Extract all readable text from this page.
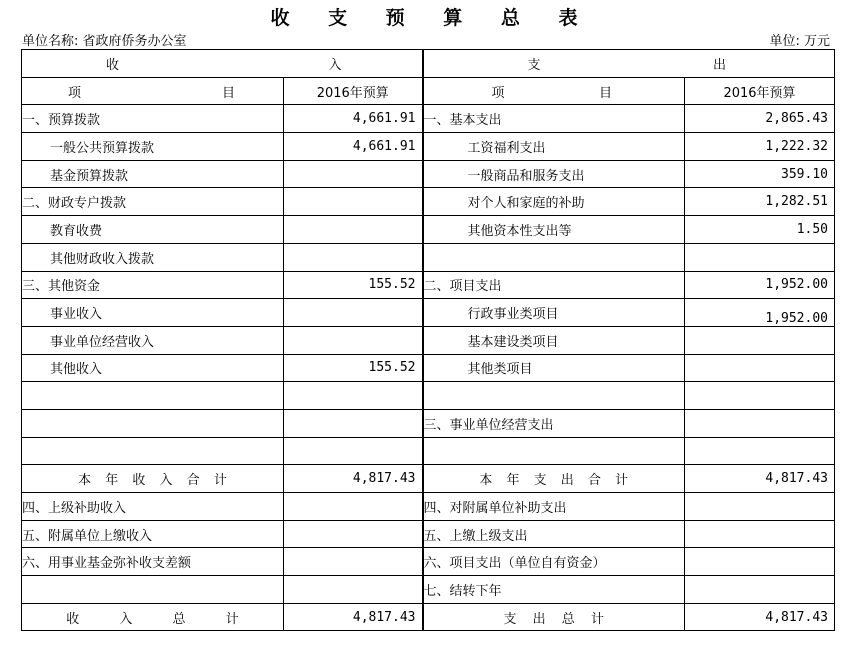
收 支 预 算 总 表
单位名称: 省政府侨务办公室	单位: 万元
收 入		支 出	

项 目	2016年预算	项 目	2016年预算
一、预算拨款	4,661.91	一、基本支出	2,865.43
一般公共预算拨款	4,661.91	工资福利支出	1,222.32
基金预算拨款		一般商品和服务支出	359.10
二、财政专户拨款		对个人和家庭的补助	1,282.51
教育收费		其他资本性支出等	1.50
其他财政收入拨款			
三、其他资金	155.52	二、项目支出	1,952.00
事业收入		行政事业类项目	1,952.00
事业单位经营收入		基本建设类项目	
其他收入	155.52	其他类项目	

		三、事业单位经营支出	

本 年 收 入 合 计	4,817.43	本 年 支 出 合 计	4,817.43
四、上级补助收入		四、对附属单位补助支出	
五、附属单位上缴收入		五、上缴上级支出	
六、用事业基金弥补收支差额		六、项目支出（单位自有资金）	
		七、结转下年	

收 入 总 计	4,817.43	支 出 总 计	4,817.43
